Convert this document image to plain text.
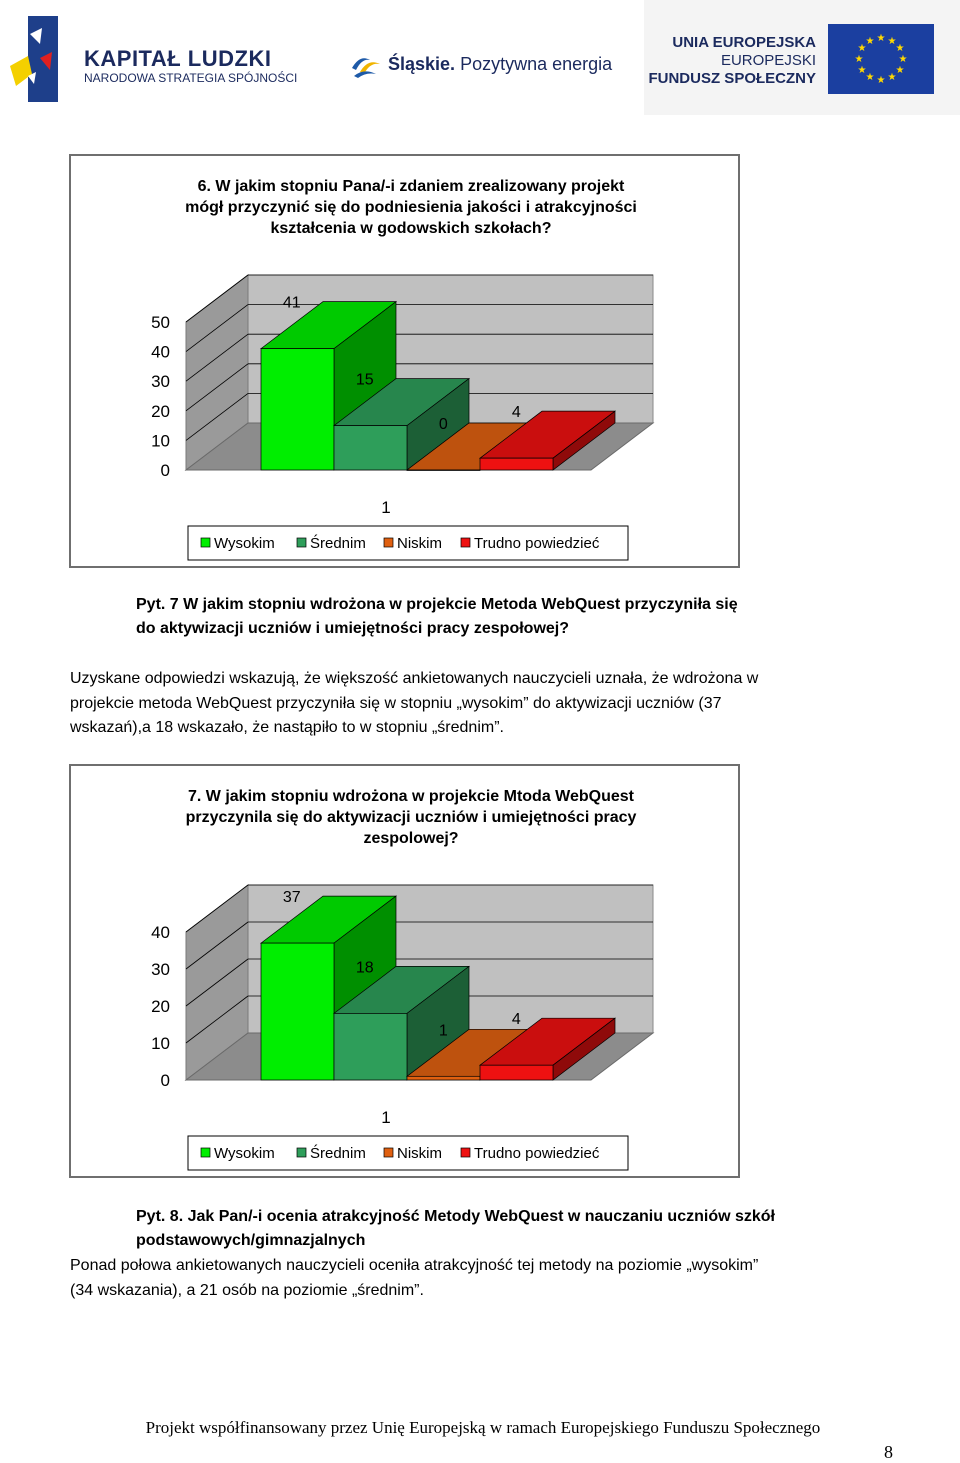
KAPITAŁ LUDZKI
NARODOWA STRATEGIA SPÓJNOŚCI
Śląskie. Pozytywna energia
UNIA EUROPEJSKA
EUROPEJSKI
FUNDUSZ SPOŁECZNY
★ ★
★
★
★
★
★
★
★
★
★
★
6. W jakim stopniu Pana/-i zdaniem zrealizowany projekt
mógł przyczynić się do podniesienia jakości i atrakcyjności
kształcenia w godowskich szkołach?
0
10
20
30
40
50
41
15
0
4
1
Wysokim Średnim Niskim Trudno powiedzieć
Pyt. 7 W jakim stopniu wdrożona w projekcie Metoda WebQuest przyczyniła się
do aktywizacji uczniów i umiejętności pracy zespołowej?
Uzyskane odpowiedzi wskazują, że większość ankietowanych nauczycieli uznała, że wdrożona w
projekcie metoda WebQuest przyczyniła się w stopniu „wysokim” do aktywizacji uczniów (37
wskazań),a 18 wskazało, że nastąpiło to w stopniu „średnim”.
7. W jakim stopniu wdrożona w projekcie Mtoda WebQuest
przyczynila się do aktywizacji uczniów i umiejętności pracy
zespolowej?
0
10
20
30
40
37
18
1
4
1
Wysokim Średnim Niskim Trudno powiedzieć
Pyt. 8. Jak Pan/-i ocenia atrakcyjność Metody WebQuest w nauczaniu uczniów szkół
podstawowych/gimnazjalnych
Ponad połowa ankietowanych nauczycieli oceniła atrakcyjność tej metody na poziomie „wysokim”
(34 wskazania), a 21 osób na poziomie „średnim”.
Projekt współfinansowany przez Unię Europejską w ramach Europejskiego Funduszu Społecznego
8
